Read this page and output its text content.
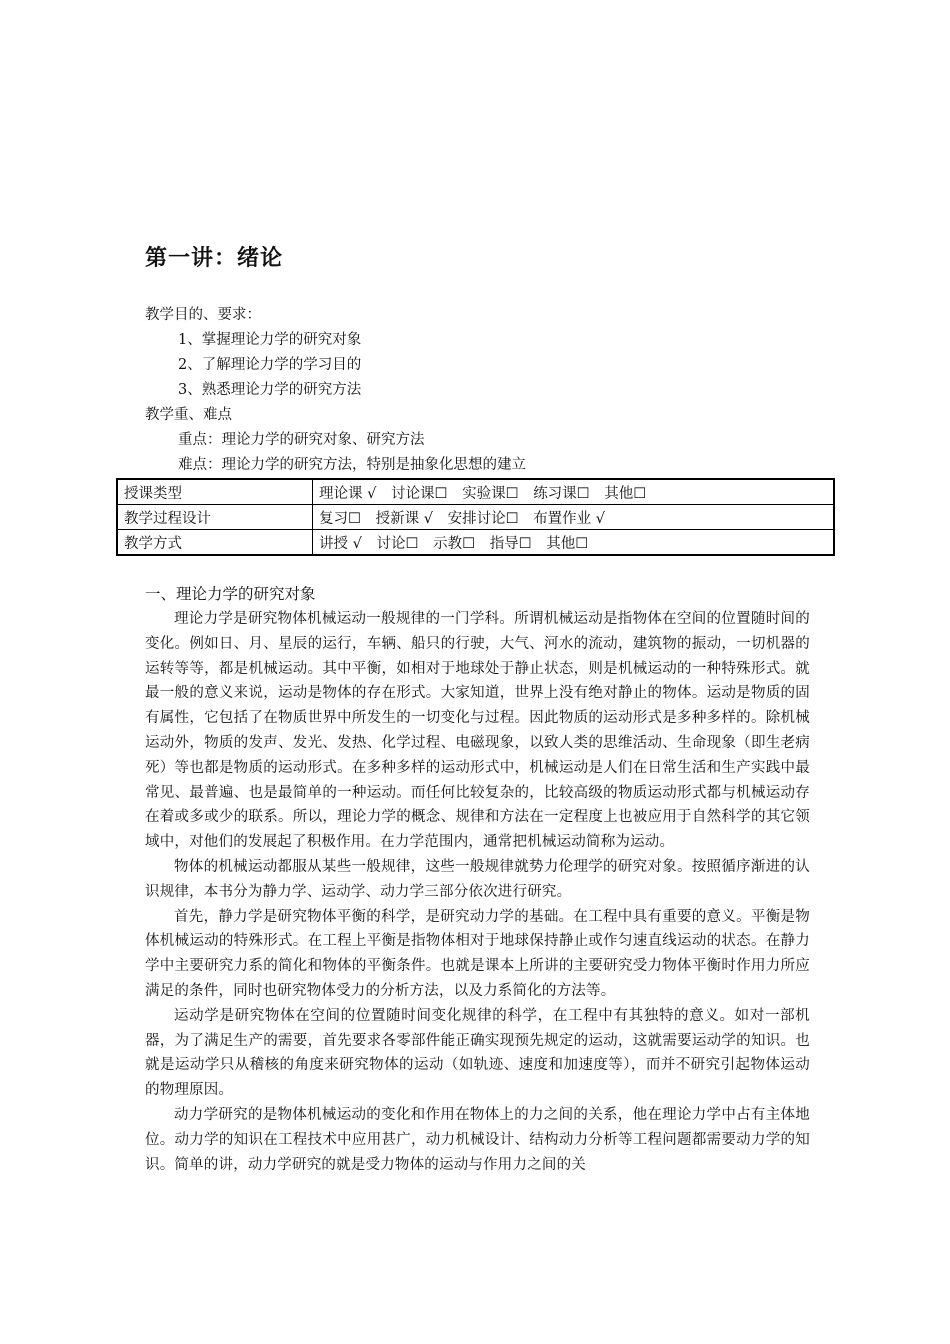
第一讲：绪论
教学目的、要求：
1、掌握理论力学的研究对象
2、了解理论力学的学习目的
3、熟悉理论力学的研究方法
教学重、难点
重点：理论力学的研究对象、研究方法
难点：理论力学的研究方法，特别是抽象化思想的建立
授课类型	理论课 √ 讨论课☐ 实验课☐ 练习课☐ 其他☐
教学过程设计	复习☐ 授新课 √ 安排讨论☐ 布置作业 √
教学方式	讲授 √ 讨论☐ 示教☐ 指导☐ 其他☐
一、理论力学的研究对象

理论力学是研究物体机械运动一般规律的一门学科。所谓机械运动是指物体在空间的位置随时间的变化。例如日、月、星辰的运行，车辆、船只的行驶，大气、河水的流动，建筑物的振动，一切机器的运转等等，都是机械运动。其中平衡，如相对于地球处于静止状态，则是机械运动的一种特殊形式。就最一般的意义来说，运动是物体的存在形式。大家知道，世界上没有绝对静止的物体。运动是物质的固有属性，它包括了在物质世界中所发生的一切变化与过程。因此物质的运动形式是多种多样的。除机械运动外，物质的发声、发光、发热、化学过程、电磁现象，以致人类的思维活动、生命现象（即生老病死）等也都是物质的运动形式。在多种多样的运动形式中，机械运动是人们在日常生活和生产实践中最常见、最普遍、也是最简单的一种运动。而任何比较复杂的，比较高级的物质运动形式都与机械运动存在着或多或少的联系。所以，理论力学的概念、规律和方法在一定程度上也被应用于自然科学的其它领域中，对他们的发展起了积极作用。在力学范围内，通常把机械运动简称为运动。

物体的机械运动都服从某些一般规律，这些一般规律就势力伦理学的研究对象。按照循序渐进的认识规律，本书分为静力学、运动学、动力学三部分依次进行研究。

首先，静力学是研究物体平衡的科学，是研究动力学的基础。在工程中具有重要的意义。平衡是物体机械运动的特殊形式。在工程上平衡是指物体相对于地球保持静止或作匀速直线运动的状态。在静力学中主要研究力系的简化和物体的平衡条件。也就是课本上所讲的主要研究受力物体平衡时作用力所应满足的条件，同时也研究物体受力的分析方法，以及力系简化的方法等。

运动学是研究物体在空间的位置随时间变化规律的科学，在工程中有其独特的意义。如对一部机器，为了满足生产的需要，首先要求各零部件能正确实现预先规定的运动，这就需要运动学的知识。也就是运动学只从稽核的角度来研究物体的运动（如轨迹、速度和加速度等），而并不研究引起物体运动的物理原因。

动力学研究的是物体机械运动的变化和作用在物体上的力之间的关系，他在理论力学中占有主体地位。动力学的知识在工程技术中应用甚广，动力机械设计、结构动力分析等工程问题都需要动力学的知识。简单的讲，动力学研究的就是受力物体的运动与作用力之间的关
